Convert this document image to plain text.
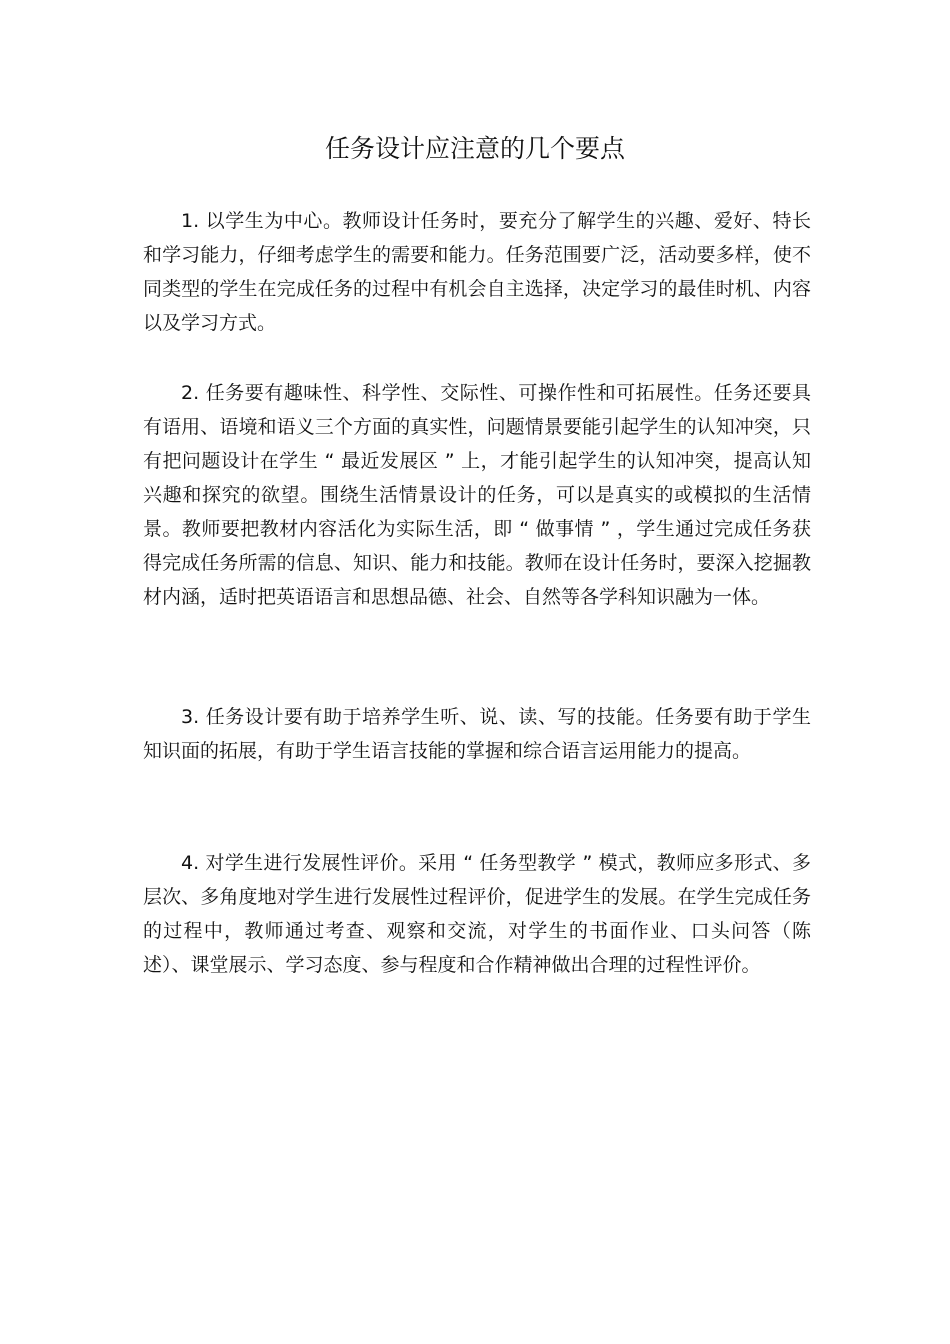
任务设计应注意的几个要点

1. 以学生为中心。教师设计任务时，要充分了解学生的兴趣、爱好、特长和学习能力，仔细考虑学生的需要和能力。任务范围要广泛，活动要多样，使不同类型的学生在完成任务的过程中有机会自主选择，决定学习的最佳时机、内容以及学习方式。

2. 任务要有趣味性、科学性、交际性、可操作性和可拓展性。任务还要具有语用、语境和语义三个方面的真实性，问题情景要能引起学生的认知冲突，只有把问题设计在学生 “ 最近发展区 ” 上，才能引起学生的认知冲突，提高认知兴趣和探究的欲望。围绕生活情景设计的任务，可以是真实的或模拟的生活情景。教师要把教材内容活化为实际生活，即 “ 做事情 ” ，学生通过完成任务获得完成任务所需的信息、知识、能力和技能。教师在设计任务时，要深入挖掘教材内涵，适时把英语语言和思想品德、社会、自然等各学科知识融为一体。

3. 任务设计要有助于培养学生听、说、读、写的技能。任务要有助于学生知识面的拓展，有助于学生语言技能的掌握和综合语言运用能力的提高。

4. 对学生进行发展性评价。采用 “ 任务型教学 ” 模式，教师应多形式、多层次、多角度地对学生进行发展性过程评价，促进学生的发展。在学生完成任务的过程中，教师通过考查、观察和交流，对学生的书面作业、口头问答（陈述）、课堂展示、学习态度、参与程度和合作精神做出合理的过程性评价。
